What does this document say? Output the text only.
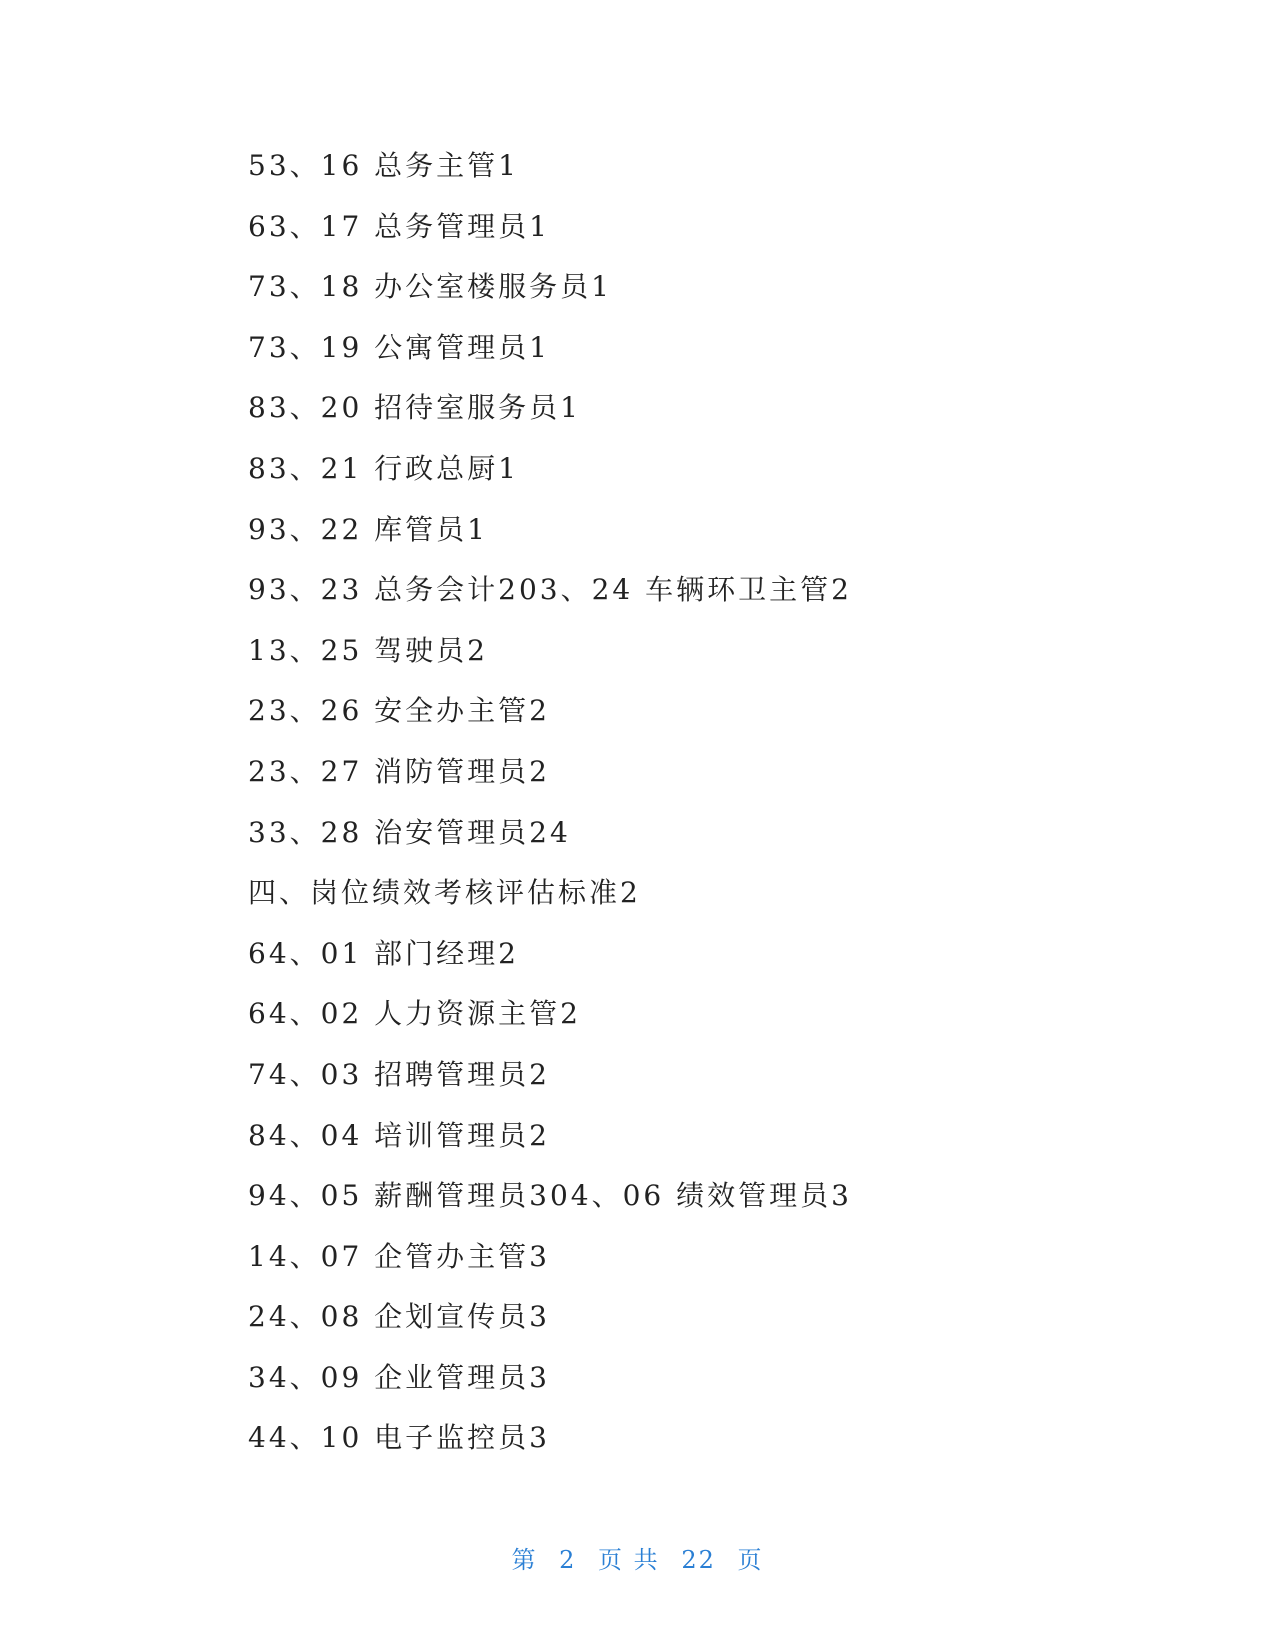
53、16 总务主管1
63、17 总务管理员1
73、18 办公室楼服务员1
73、19 公寓管理员1
83、20 招待室服务员1
83、21 行政总厨1
93、22 库管员1
93、23 总务会计203、24 车辆环卫主管2
13、25 驾驶员2
23、26 安全办主管2
23、27 消防管理员2
33、28 治安管理员24
四、岗位绩效考核评估标准2
64、01 部门经理2
64、02 人力资源主管2
74、03 招聘管理员2
84、04 培训管理员2
94、05 薪酬管理员304、06 绩效管理员3
14、07 企管办主管3
24、08 企划宣传员3
34、09 企业管理员3
44、10 电子监控员3
第 2 页 共 22 页
